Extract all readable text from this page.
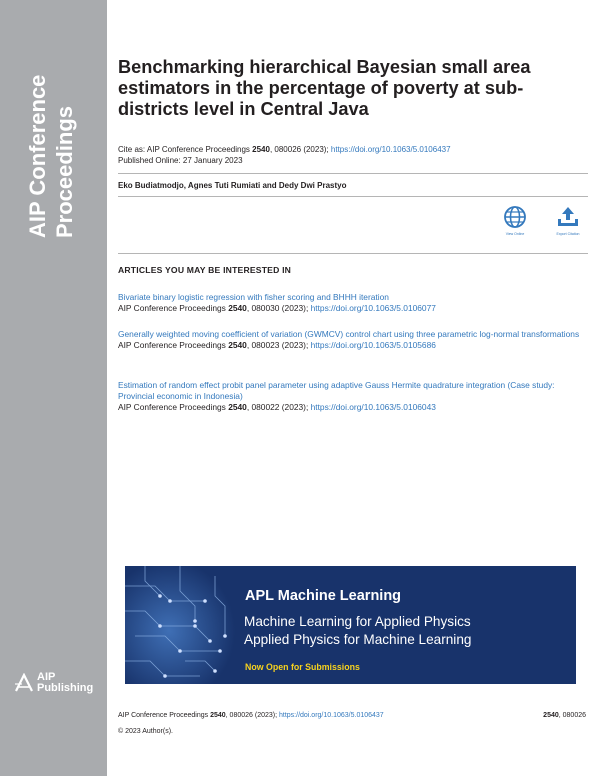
AIP Conference Proceedings
AIP
Publishing
Benchmarking hierarchical Bayesian small area estimators in the percentage of poverty at sub-districts level in Central Java
Cite as: AIP Conference Proceedings 2540, 080026 (2023); https://doi.org/10.1063/5.0106437
Published Online: 27 January 2023
Eko Budiatmodjo, Agnes Tuti Rumiati and Dedy Dwi Prastyo
View Online	Export Citation
ARTICLES YOU MAY BE INTERESTED IN
Bivariate binary logistic regression with fisher scoring and BHHH iteration
AIP Conference Proceedings 2540, 080030 (2023); https://doi.org/10.1063/5.0106077
Generally weighted moving coefficient of variation (GWMCV) control chart using three parametric log-normal transformations
AIP Conference Proceedings 2540, 080023 (2023); https://doi.org/10.1063/5.0105686
Estimation of random effect probit panel parameter using adaptive Gauss Hermite quadrature integration (Case study: Provincial economic in Indonesia)
AIP Conference Proceedings 2540, 080022 (2023); https://doi.org/10.1063/5.0106043
APL Machine Learning
Machine Learning for Applied Physics
Applied Physics for Machine Learning
Now Open for Submissions
AIP Conference Proceedings 2540, 080026 (2023); https://doi.org/10.1063/5.0106437	2540, 080026
© 2023 Author(s).
